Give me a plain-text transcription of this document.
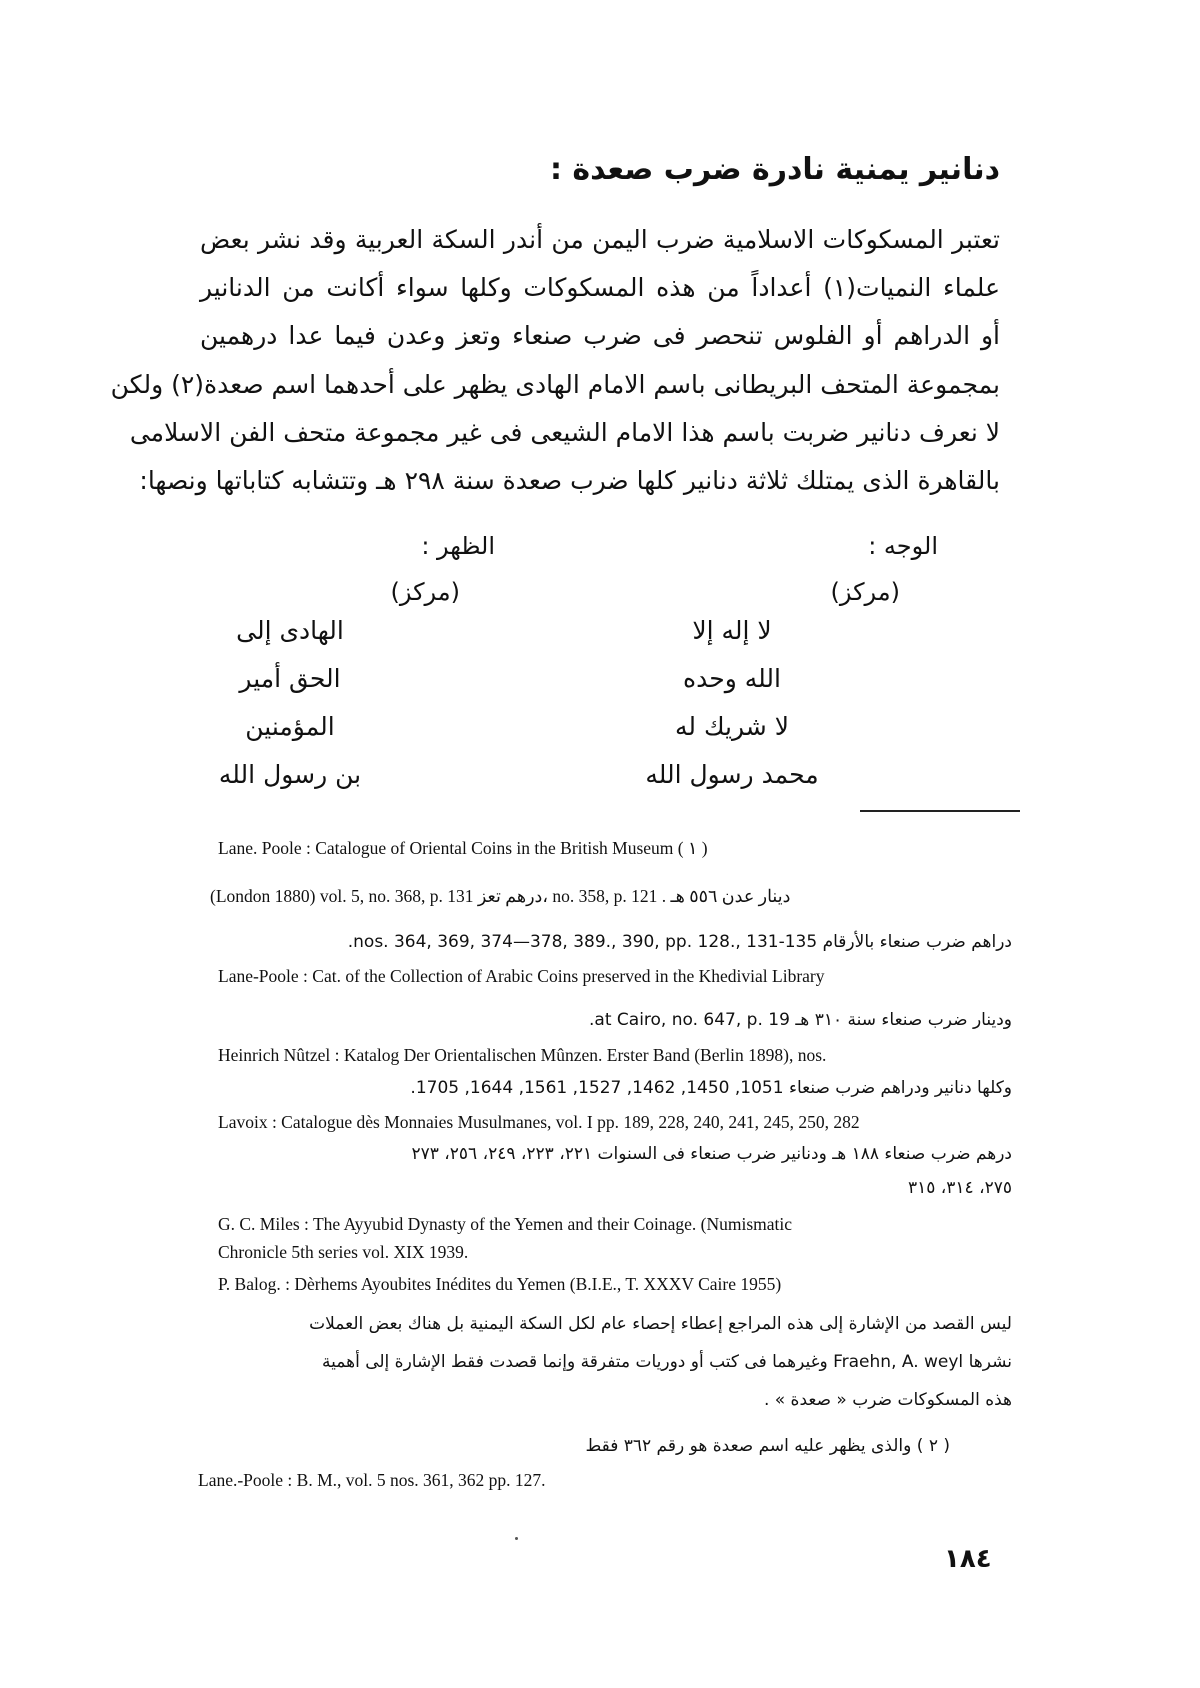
دنانير يمنية نادرة ضرب صعدة :
تعتبر المسكوكات الاسلامية ضرب اليمن من أندر السكة العربية وقد نشر بعض
علماء النميات(١) أعداداً من هذه المسكوكات وكلها سواء أكانت من الدنانير
أو الدراهم أو الفلوس تنحصر فى ضرب صنعاء وتعز وعدن فيما عدا درهمين
بمجموعة المتحف البريطانى باسم الامام الهادى يظهر على أحدهما اسم صعدة(٢) ولكن
لا نعرف دنانير ضربت باسم هذا الامام الشيعى فى غير مجموعة متحف الفن الاسلامى
بالقاهرة الذى يمتلك ثلاثة دنانير كلها ضرب صعدة سنة ٢٩٨ هـ وتتشابه كتاباتها ونصها:
الوجه :
(مركز)
لا إله إلا
الله وحده
لا شريك له
محمد رسول الله
الظهر :
(مركز)
الهادى إلى
الحق أمير
المؤمنين
بن رسول الله
Lane. Poole : Catalogue of Oriental Coins in the British Museum ( ١ )
(London 1880) vol. 5, no. 368, p. 131 درهم تعز، no. 358, p. 121 . دينار عدن ٥٥٦ هـ
دراهم ضرب صنعاء بالأرقام nos. 364, 369, 374—378, 389., 390, pp. 128., 131-135.
Lane-Poole : Cat. of the Collection of Arabic Coins preserved in the Khedivial Library
ودينار ضرب صنعاء سنة ٣١٠ هـ at Cairo, no. 647, p. 19.
Heinrich Nûtzel : Katalog Der Orientalischen Mûnzen. Erster Band (Berlin 1898), nos.
وكلها دنانير ودراهم ضرب صنعاء 1051, 1450, 1462, 1527, 1561, 1644, 1705.
Lavoix : Catalogue dès Monnaies Musulmanes, vol. I pp. 189, 228, 240, 241, 245, 250, 282
درهم ضرب صنعاء ١٨٨ هـ ودنانير ضرب صنعاء فى السنوات ٢٢١، ٢٢٣، ٢٤٩، ٢٥٦، ٢٧٣
٢٧٥، ٣١٤، ٣١٥
G. C. Miles : The Ayyubid Dynasty of the Yemen and their Coinage. (Numismatic
Chronicle 5th series vol. XIX 1939.
P. Balog. : Dèrhems Ayoubites Inédites du Yemen (B.I.E., T. XXXV Caire 1955)
ليس القصد من الإشارة إلى هذه المراجع إعطاء إحصاء عام لكل السكة اليمنية بل هناك بعض العملات
نشرها Fraehn, A. weyl وغيرهما فى كتب أو دوريات متفرقة وإنما قصدت فقط الإشارة إلى أهمية
هذه المسكوكات ضرب « صعدة » .
( ٢ ) والذى يظهر عليه اسم صعدة هو رقم ٣٦٢ فقط
Lane.-Poole : B. M., vol. 5 nos. 361, 362 pp. 127.
١٨٤
